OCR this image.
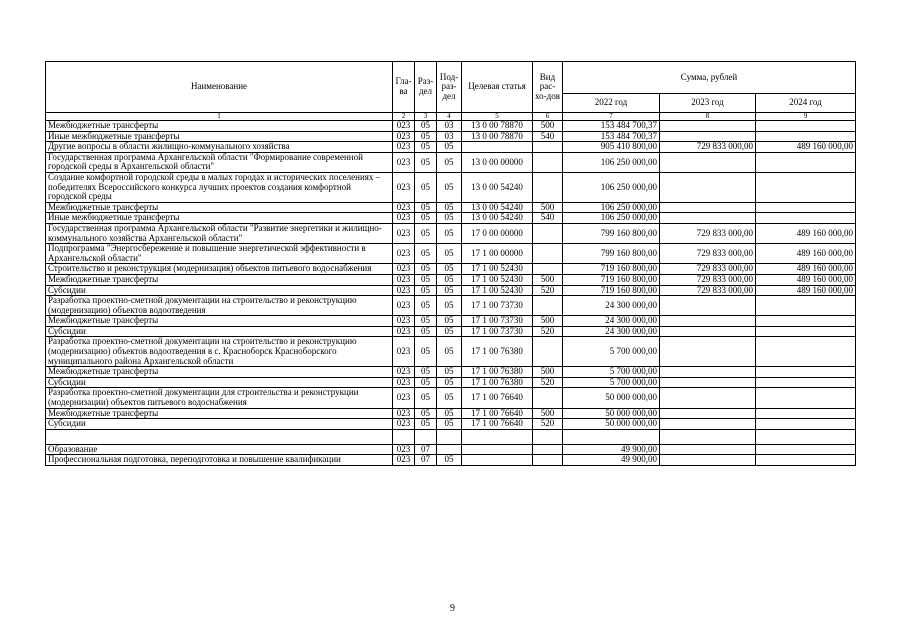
Наименование	Гла-ва	Раз-дел	Под-раз-дел	Целевая статья	Вид рас-хо-дов	Сумма, рублей		
						2022 год	2023 год	2024 год
1	2	3	4	5	6	7	8	9
Межбюджетные трансферты	023	05	03	13 0 00 78870	500	153 484 700,37		
Иные межбюджетные трансферты	023	05	03	13 0 00 78870	540	153 484 700,37		
Другие вопросы в области жилищно-коммунального хозяйства	023	05	05			905 410 800,00	729 833 000,00	489 160 000,00
Государственная программа Архангельской области "Формирование современной городской среды в Архангельской области"	023	05	05	13 0 00 00000		106 250 000,00		
Создание комфортной городской среды в малых городах и исторических поселениях – победителях Всероссийского конкурса лучших проектов создания комфортной городской среды	023	05	05	13 0 00 54240		106 250 000,00		
Межбюджетные трансферты	023	05	05	13 0 00 54240	500	106 250 000,00		
Иные межбюджетные трансферты	023	05	05	13 0 00 54240	540	106 250 000,00		
Государственная программа Архангельской области "Развитие энергетики и жилищно-коммунального хозяйства Архангельской области"	023	05	05	17 0 00 00000		799 160 800,00	729 833 000,00	489 160 000,00
Подпрограмма "Энергосбережение и повышение энергетической эффективности в Архангельской области"	023	05	05	17 1 00 00000		799 160 800,00	729 833 000,00	489 160 000,00
Строительство и реконструкция (модернизация) объектов питьевого водоснабжения	023	05	05	17 1 00 52430		719 160 800,00	729 833 000,00	489 160 000,00
Межбюджетные трансферты	023	05	05	17 1 00 52430	500	719 160 800,00	729 833 000,00	489 160 000,00
Субсидии	023	05	05	17 1 00 52430	520	719 160 800,00	729 833 000,00	489 160 000,00
Разработка проектно-сметной документации на строительство и реконструкцию (модернизацию) объектов водоотведения	023	05	05	17 1 00 73730		24 300 000,00		
Межбюджетные трансферты	023	05	05	17 1 00 73730	500	24 300 000,00		
Субсидии	023	05	05	17 1 00 73730	520	24 300 000,00		
Разработка проектно-сметной документации на строительство и реконструкцию (модернизацию) объектов водоотведения в с. Красноборск Красноборского муниципального района Архангельской области	023	05	05	17 1 00 76380		5 700 000,00		
Межбюджетные трансферты	023	05	05	17 1 00 76380	500	5 700 000,00		
Субсидии	023	05	05	17 1 00 76380	520	5 700 000,00		
Разработка проектно-сметной документации для строительства и реконструкции (модернизации) объектов питьевого водоснабжения	023	05	05	17 1 00 76640		50 000 000,00		
Межбюджетные трансферты	023	05	05	17 1 00 76640	500	50 000 000,00		
Субсидии	023	05	05	17 1 00 76640	520	50 000 000,00		

Образование	023	07				49 900,00		
Профессиональная подготовка, переподготовка и повышение квалификации	023	07	05			49 900,00		
9
